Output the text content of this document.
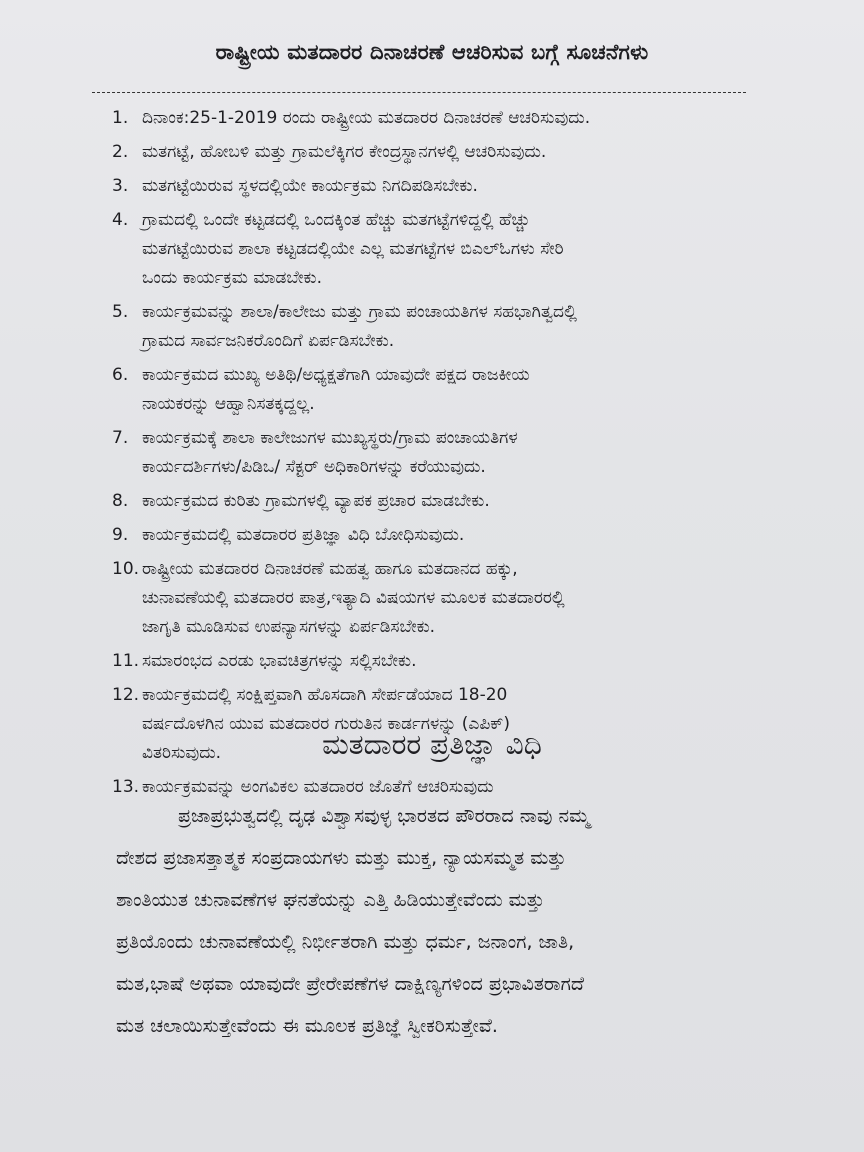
ರಾಷ್ಟ್ರೀಯ ಮತದಾರರ ದಿನಾಚರಣೆ ಆಚರಿಸುವ ಬಗ್ಗೆ ಸೂಚನೆಗಳು
1. ದಿನಾಂಕ:25-1-2019 ರಂದು ರಾಷ್ಟ್ರೀಯ ಮತದಾರರ ದಿನಾಚರಣೆ ಆಚರಿಸುವುದು.
2. ಮತಗಟ್ಟೆ, ಹೋಬಳಿ ಮತ್ತು ಗ್ರಾಮಲೆಕ್ಕಿಗರ ಕೇಂದ್ರಸ್ಥಾನಗಳಲ್ಲಿ ಆಚರಿಸುವುದು.
3. ಮತಗಟ್ಟೆಯಿರುವ ಸ್ಥಳದಲ್ಲಿಯೇ ಕಾರ್ಯಕ್ರಮ ನಿಗದಿಪಡಿಸಬೇಕು.
4. ಗ್ರಾಮದಲ್ಲಿ ಒಂದೇ ಕಟ್ಟಡದಲ್ಲಿ ಒಂದಕ್ಕಿಂತ ಹೆಚ್ಚು ಮತಗಟ್ಟೆಗಳಿದ್ದಲ್ಲಿ ಹೆಚ್ಚು
ಮತಗಟ್ಟೆಯಿರುವ ಶಾಲಾ ಕಟ್ಟಡದಲ್ಲಿಯೇ ಎಲ್ಲ ಮತಗಟ್ಟೆಗಳ ಬಿಎಲ್‌ಓಗಳು ಸೇರಿ
ಒಂದು ಕಾರ್ಯಕ್ರಮ ಮಾಡಬೇಕು.
5. ಕಾರ್ಯಕ್ರಮವನ್ನು ಶಾಲಾ/ಕಾಲೇಜು ಮತ್ತು ಗ್ರಾಮ ಪಂಚಾಯತಿಗಳ ಸಹಭಾಗಿತ್ವದಲ್ಲಿ
ಗ್ರಾಮದ ಸಾರ್ವಜನಿಕರೊಂದಿಗೆ ಏರ್ಪಡಿಸಬೇಕು.
6. ಕಾರ್ಯಕ್ರಮದ ಮುಖ್ಯ ಅತಿಥಿ/ಅಧ್ಯಕ್ಷತೆಗಾಗಿ ಯಾವುದೇ ಪಕ್ಷದ ರಾಜಕೀಯ
ನಾಯಕರನ್ನು ಆಹ್ವಾನಿಸತಕ್ಕದ್ದಲ್ಲ.
7. ಕಾರ್ಯಕ್ರಮಕ್ಕೆ ಶಾಲಾ ಕಾಲೇಜುಗಳ ಮುಖ್ಯಸ್ಥರು/ಗ್ರಾಮ ಪಂಚಾಯತಿಗಳ
ಕಾರ್ಯದರ್ಶಿಗಳು/ಪಿಡಿಒ/ ಸೆಕ್ಟರ್ ಅಧಿಕಾರಿಗಳನ್ನು ಕರೆಯುವುದು.
8. ಕಾರ್ಯಕ್ರಮದ ಕುರಿತು ಗ್ರಾಮಗಳಲ್ಲಿ ವ್ಯಾಪಕ ಪ್ರಚಾರ ಮಾಡಬೇಕು.
9. ಕಾರ್ಯಕ್ರಮದಲ್ಲಿ ಮತದಾರರ ಪ್ರತಿಜ್ಞಾ ವಿಧಿ ಬೋಧಿಸುವುದು.
10. ರಾಷ್ಟ್ರೀಯ ಮತದಾರರ ದಿನಾಚರಣೆ ಮಹತ್ವ ಹಾಗೂ ಮತದಾನದ ಹಕ್ಕು,
ಚುನಾವಣೆಯಲ್ಲಿ ಮತದಾರರ ಪಾತ್ರ,ಇತ್ಯಾದಿ ವಿಷಯಗಳ ಮೂಲಕ ಮತದಾರರಲ್ಲಿ
ಜಾಗೃತಿ ಮೂಡಿಸುವ ಉಪನ್ಯಾಸಗಳನ್ನು ಏರ್ಪಡಿಸಬೇಕು.
11. ಸಮಾರಂಭದ ಎರಡು ಭಾವಚಿತ್ರಗಳನ್ನು ಸಲ್ಲಿಸಬೇಕು.
12. ಕಾರ್ಯಕ್ರಮದಲ್ಲಿ ಸಂಕ್ಷಿಪ್ತವಾಗಿ ಹೊಸದಾಗಿ ಸೇರ್ಪಡೆಯಾದ 18-20
ವರ್ಷದೊಳಗಿನ ಯುವ ಮತದಾರರ ಗುರುತಿನ ಕಾರ್ಡಗಳನ್ನು (ಎಪಿಕ್)
ವಿತರಿಸುವುದು.
13. ಕಾರ್ಯಕ್ರಮವನ್ನು ಅಂಗವಿಕಲ ಮತದಾರರ ಜೊತೆಗೆ ಆಚರಿಸುವುದು
ಮತದಾರರ ಪ್ರತಿಜ್ಞಾ ವಿಧಿ
ಪ್ರಜಾಪ್ರಭುತ್ವದಲ್ಲಿ ದೃಢ ವಿಶ್ವಾಸವುಳ್ಳ ಭಾರತದ ಪೌರರಾದ ನಾವು ನಮ್ಮ
ದೇಶದ ಪ್ರಜಾಸತ್ತಾತ್ಮಕ ಸಂಪ್ರದಾಯಗಳು ಮತ್ತು ಮುಕ್ತ, ನ್ಯಾಯಸಮ್ಮತ ಮತ್ತು
ಶಾಂತಿಯುತ ಚುನಾವಣೆಗಳ ಘನತೆಯನ್ನು ಎತ್ತಿ ಹಿಡಿಯುತ್ತೇವೆಂದು ಮತ್ತು
ಪ್ರತಿಯೊಂದು ಚುನಾವಣೆಯಲ್ಲಿ ನಿರ್ಭೀತರಾಗಿ ಮತ್ತು ಧರ್ಮ, ಜನಾಂಗ, ಜಾತಿ,
ಮತ,ಭಾಷೆ ಅಥವಾ ಯಾವುದೇ ಪ್ರೇರೇಪಣೆಗಳ ದಾಕ್ಷಿಣ್ಯಗಳಿಂದ ಪ್ರಭಾವಿತರಾಗದೆ
ಮತ ಚಲಾಯಿಸುತ್ತೇವೆಂದು ಈ ಮೂಲಕ ಪ್ರತಿಜ್ಞೆ ಸ್ವೀಕರಿಸುತ್ತೇವೆ.
